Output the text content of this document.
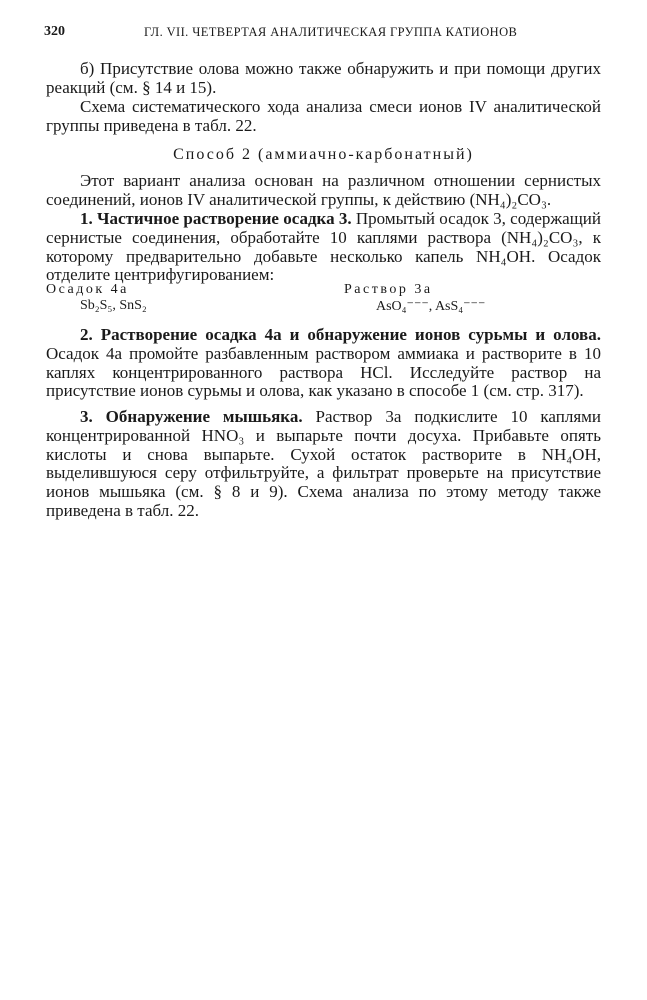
320	ГЛ. VII. ЧЕТВЕРТАЯ АНАЛИТИЧЕСКАЯ ГРУППА КАТИОНОВ

б) Присутствие олова можно также обнаружить и при помощи других реакций (см. § 14 и 15).

Схема систематического хода анализа смеси ионов IV аналитической группы приведена в табл. 22.

Способ 2 (аммиачно-карбонатный)

Этот вариант анализа основан на различном отношении сернистых соединений, ионов IV аналитической группы, к действию (NH₄)₂CO₃.

1. Частичное растворение осадка 3. Промытый осадок 3, содержащий сернистые соединения, обработайте 10 каплями раствора (NH₄)₂CO₃, к которому предварительно добавьте несколько капель NH₄OH. Осадок отделите центрифугированием:

Осадок 4а
Sb₂S₅, SnS₂
Раствор 3а
AsO₄⁻⁻⁻, AsS₄⁻⁻⁻

2. Растворение осадка 4а и обнаружение ионов сурьмы и олова. Осадок 4а промойте разбавленным раствором аммиака и растворите в 10 каплях концентрированного раствора HCl. Исследуйте раствор на присутствие ионов сурьмы и олова, как указано в способе 1 (см. стр. 317).

3. Обнаружение мышьяка. Раствор 3а подкислите 10 каплями концентрированной HNO₃ и выпарьте почти досуха. Прибавьте опять кислоты и снова выпарьте. Сухой остаток растворите в NH₄OH, выделившуюся серу отфильтруйте, а фильтрат проверьте на присутствие ионов мышьяка (см. § 8 и 9). Схема анализа по этому методу также приведена в табл. 22.
